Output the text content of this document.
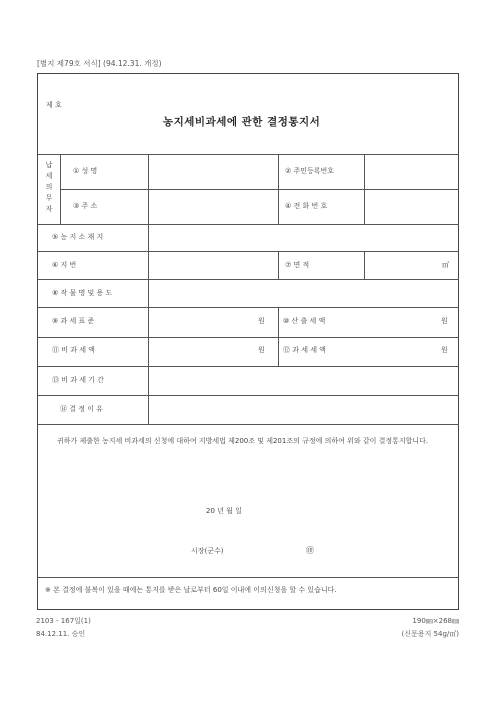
[별지 제79호 서식] (94.12.31. 개정)
제 호
농지세비과세에 관한 결정통지서
납세의무자
① 성 명	② 주민등록번호
③ 주 소	④ 전 화 번 호
⑤ 농 지 소 재 지
⑥ 지 번	⑦ 면 적	㎡
⑧ 작 물 명 및 용 도
⑨ 과 세 표 준	원	⑩ 산 출 세 액	원
⑪ 비 과 세 액	원	⑫ 과 세 세 액	원
⑬ 비 과 세 기 간
⑭ 결 정 이 유
귀하가 제출한 농지세 비과세의 신청에 대하여 지방세법 제200조 및 제201조의 규정에 의하여 위와 같이 결정통지합니다.
20 년 월 일
시장(군수)	㊞
※ 본 결정에 불복이 있을 때에는 통지를 받은 날로부터 60일 이내에 이의신청을 할 수 있습니다.
2103 - 167일(1)	190㎜×268㎜
84.12.11. 승인	(신문용지 54g/㎡)
